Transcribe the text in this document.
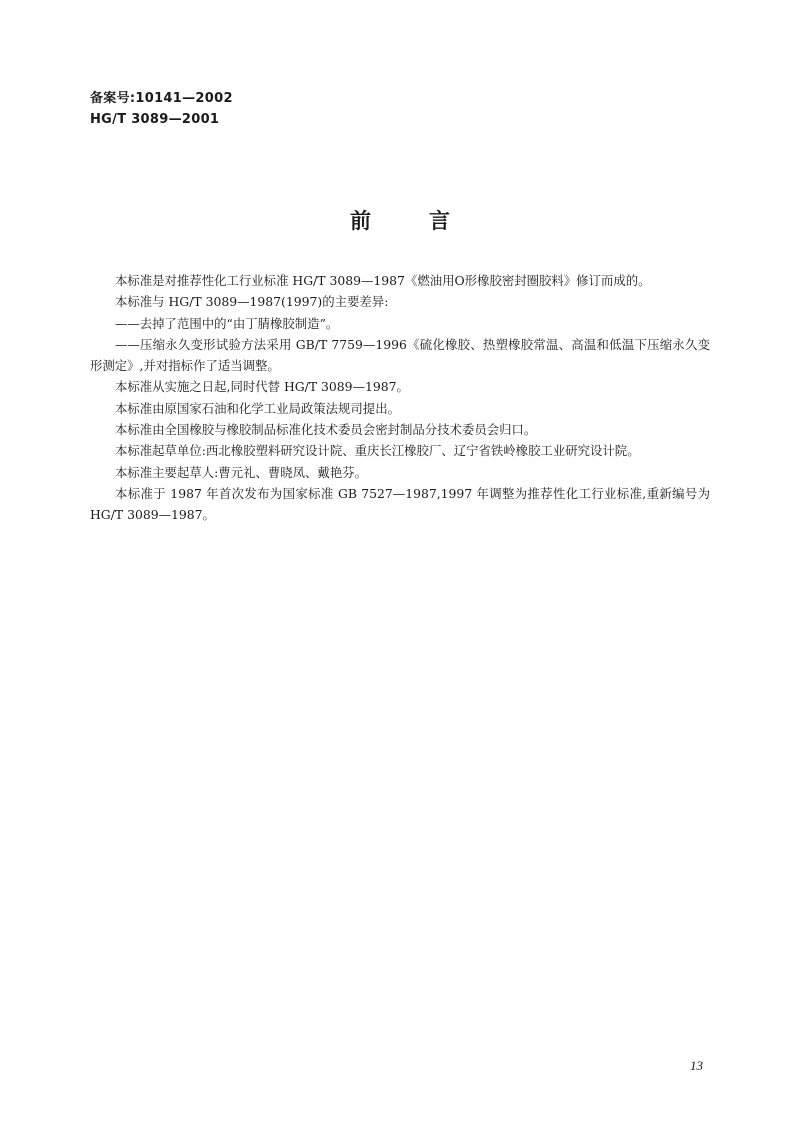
备案号:10141—2002
HG/T 3089—2001
前言

本标准是对推荐性化工行业标准 HG/T 3089—1987《燃油用O形橡胶密封圈胶料》修订而成的。

本标准与 HG/T 3089—1987(1997)的主要差异:

——去掉了范围中的“由丁腈橡胶制造”。

——压缩永久变形试验方法采用 GB/T 7759—1996《硫化橡胶、热塑橡胶常温、高温和低温下压缩永久变形测定》,并对指标作了适当调整。

本标准从实施之日起,同时代替 HG/T 3089—1987。

本标准由原国家石油和化学工业局政策法规司提出。

本标准由全国橡胶与橡胶制品标准化技术委员会密封制品分技术委员会归口。

本标准起草单位:西北橡胶塑料研究设计院、重庆长江橡胶厂、辽宁省铁岭橡胶工业研究设计院。

本标准主要起草人:曹元礼、曹晓凤、戴艳芬。

本标准于 1987 年首次发布为国家标准 GB 7527—1987,1997 年调整为推荐性化工行业标准,重新编号为 HG/T 3089—1987。

13
